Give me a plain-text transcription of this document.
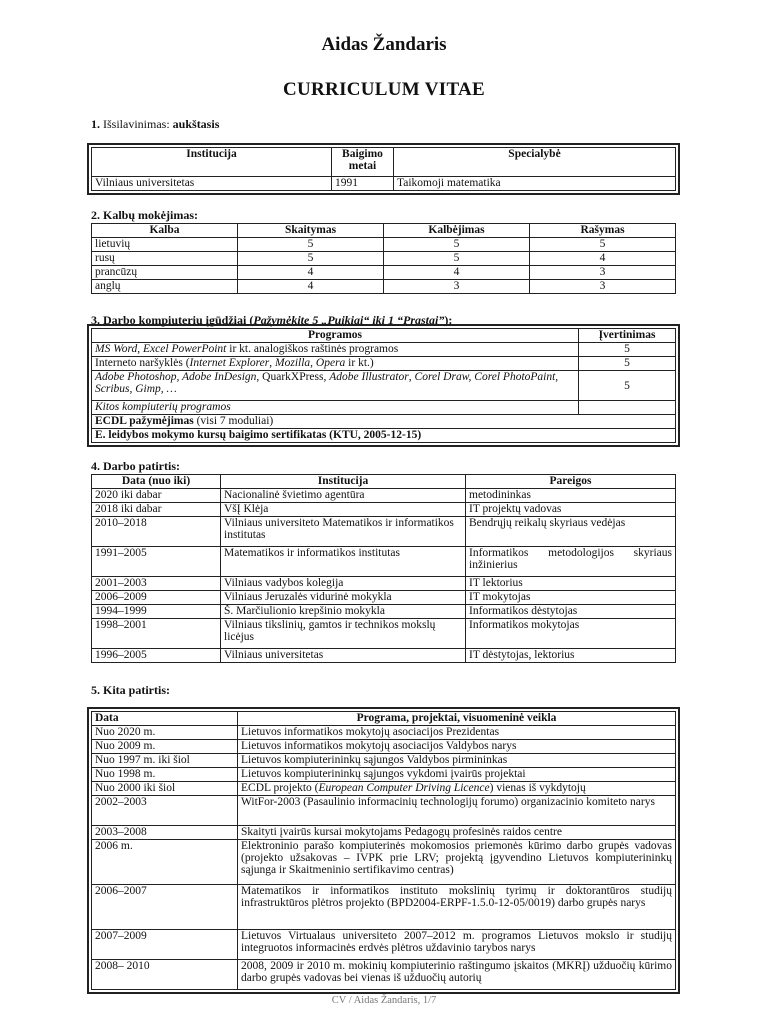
Aidas Žandaris
CURRICULUM VITAE
1. Išsilavinimas: aukštasis
Institucija	Baigimo metai	Specialybė
Vilniaus universitetas	1991	Taikomoji matematika
2. Kalbų mokėjimas:
Kalba	Skaitymas	Kalbėjimas	Rašymas
lietuvių	5	5	5
rusų	5	5	4
prancūzų	4	4	3
anglų	4	3	3
3. Darbo kompiuteriu įgūdžiai (Pažymėkite 5 „Puikiai“ iki 1 “Prastai”):
Programos	Įvertinimas
MS Word, Excel PowerPoint ir kt. analogiškos raštinės programos	5
Interneto naršyklės (Internet Explorer, Mozilla, Opera ir kt.)	5
Adobe Photoshop, Adobe InDesign, QuarkXPress, Adobe Illustrator, Corel Draw, Corel PhotoPaint, Scribus, Gimp, …	5
Kitos kompiuterių programos	
ECDL pažymėjimas (visi 7 moduliai)	
E. leidybos mokymo kursų baigimo sertifikatas (KTU, 2005-12-15)	
4. Darbo patirtis:
Data (nuo iki)	Institucija	Pareigos
2020 iki dabar	Nacionalinė švietimo agentūra	metodininkas
2018 iki dabar	VšĮ Klėja	IT projektų vadovas
2010–2018	Vilniaus universiteto Matematikos ir informatikos institutas	Bendrųjų reikalų skyriaus vedėjas
1991–2005	Matematikos ir informatikos institutas	Informatikos metodologijos skyriaus inžinierius
2001–2003	Vilniaus vadybos kolegija	IT lektorius
2006–2009	Vilniaus Jeruzalės vidurinė mokykla	IT mokytojas
1994–1999	Š. Marčiulionio krepšinio mokykla	Informatikos dėstytojas
1998–2001	Vilniaus tikslinių, gamtos ir technikos mokslų licėjus	Informatikos mokytojas
1996–2005	Vilniaus universitetas	IT dėstytojas, lektorius
5. Kita patirtis:
Data	Programa, projektai, visuomeninė veikla
Nuo 2020 m.	Lietuvos informatikos mokytojų asociacijos Prezidentas
Nuo 2009 m.	Lietuvos informatikos mokytojų asociacijos Valdybos narys
Nuo 1997 m. iki šiol	Lietuvos kompiuterininkų sąjungos Valdybos pirmininkas
Nuo 1998 m.	Lietuvos kompiuterininkų sąjungos vykdomi įvairūs projektai
Nuo 2000 iki šiol	ECDL projekto (European Computer Driving Licence) vienas iš vykdytojų
2002–2003	WitFor-2003 (Pasaulinio informacinių technologijų forumo) organizacinio komiteto narys
2003–2008	Skaityti įvairūs kursai mokytojams Pedagogų profesinės raidos centre
2006 m.	Elektroninio parašo kompiuterinės mokomosios priemonės kūrimo darbo grupės vadovas (projekto užsakovas – IVPK prie LRV; projektą įgyvendino Lietuvos kompiuterininkų sąjunga ir Skaitmeninio sertifikavimo centras)
2006–2007	Matematikos ir informatikos instituto mokslinių tyrimų ir doktorantūros studijų infrastruktūros plėtros projekto (BPD2004-ERPF-1.5.0-12-05/0019) darbo grupės narys
2007–2009	Lietuvos Virtualaus universiteto 2007–2012 m. programos Lietuvos mokslo ir studijų integruotos informacinės erdvės plėtros uždavinio tarybos narys
2008– 2010	2008, 2009 ir 2010 m. mokinių kompiuterinio raštingumo įskaitos (MKRĮ) užduočių kūrimo darbo grupės vadovas bei vienas iš užduočių autorių
CV / Aidas Žandaris, 1/7
